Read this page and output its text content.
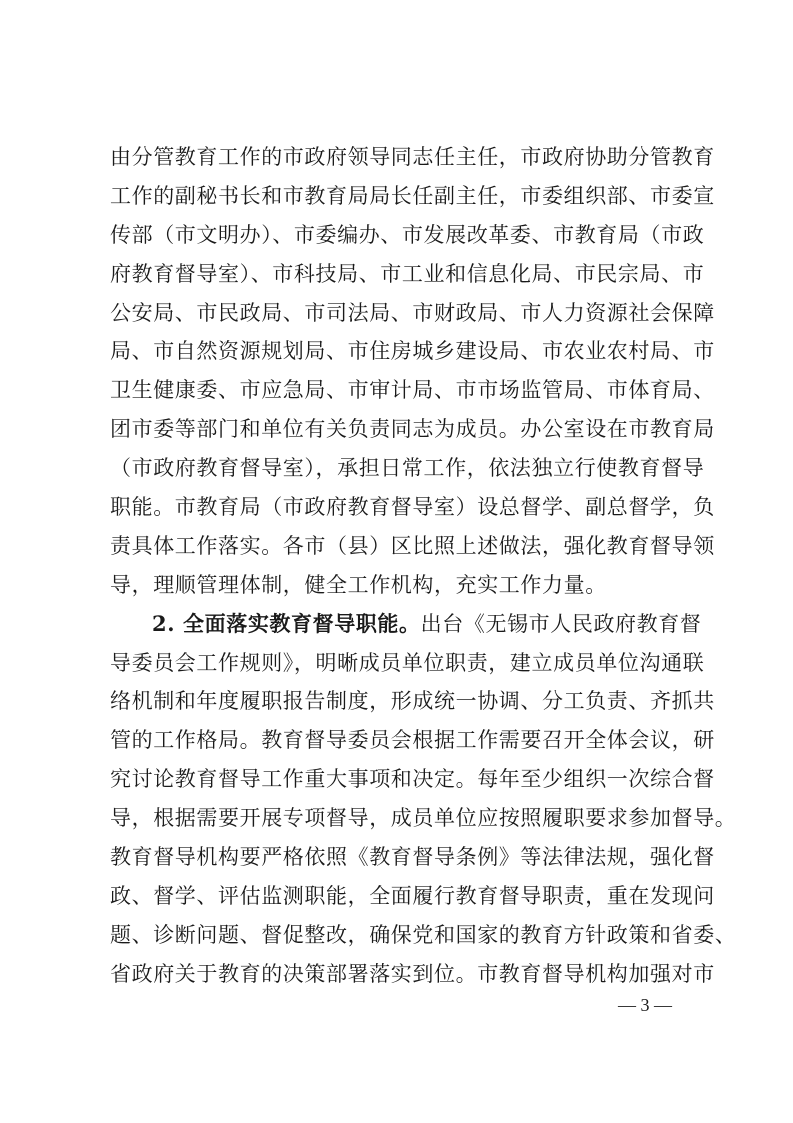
由分管教育工作的市政府领导同志任主任，市政府协助分管教育
工作的副秘书长和市教育局局长任副主任，市委组织部、市委宣
传部（市文明办）、市委编办、市发展改革委、市教育局（市政
府教育督导室）、市科技局、市工业和信息化局、市民宗局、市
公安局、市民政局、市司法局、市财政局、市人力资源社会保障
局、市自然资源规划局、市住房城乡建设局、市农业农村局、市
卫生健康委、市应急局、市审计局、市市场监管局、市体育局、
团市委等部门和单位有关负责同志为成员。办公室设在市教育局
（市政府教育督导室），承担日常工作，依法独立行使教育督导
职能。市教育局（市政府教育督导室）设总督学、副总督学，负
责具体工作落实。各市（县）区比照上述做法，强化教育督导领
导，理顺管理体制，健全工作机构，充实工作力量。
2. 全面落实教育督导职能。出台《无锡市人民政府教育督
导委员会工作规则》，明晰成员单位职责，建立成员单位沟通联
络机制和年度履职报告制度，形成统一协调、分工负责、齐抓共
管的工作格局。教育督导委员会根据工作需要召开全体会议，研
究讨论教育督导工作重大事项和决定。每年至少组织一次综合督
导，根据需要开展专项督导，成员单位应按照履职要求参加督导。
教育督导机构要严格依照《教育督导条例》等法律法规，强化督
政、督学、评估监测职能，全面履行教育督导职责，重在发现问
题、诊断问题、督促整改，确保党和国家的教育方针政策和省委、
省政府关于教育的决策部署落实到位。市教育督导机构加强对市
— 3 —
